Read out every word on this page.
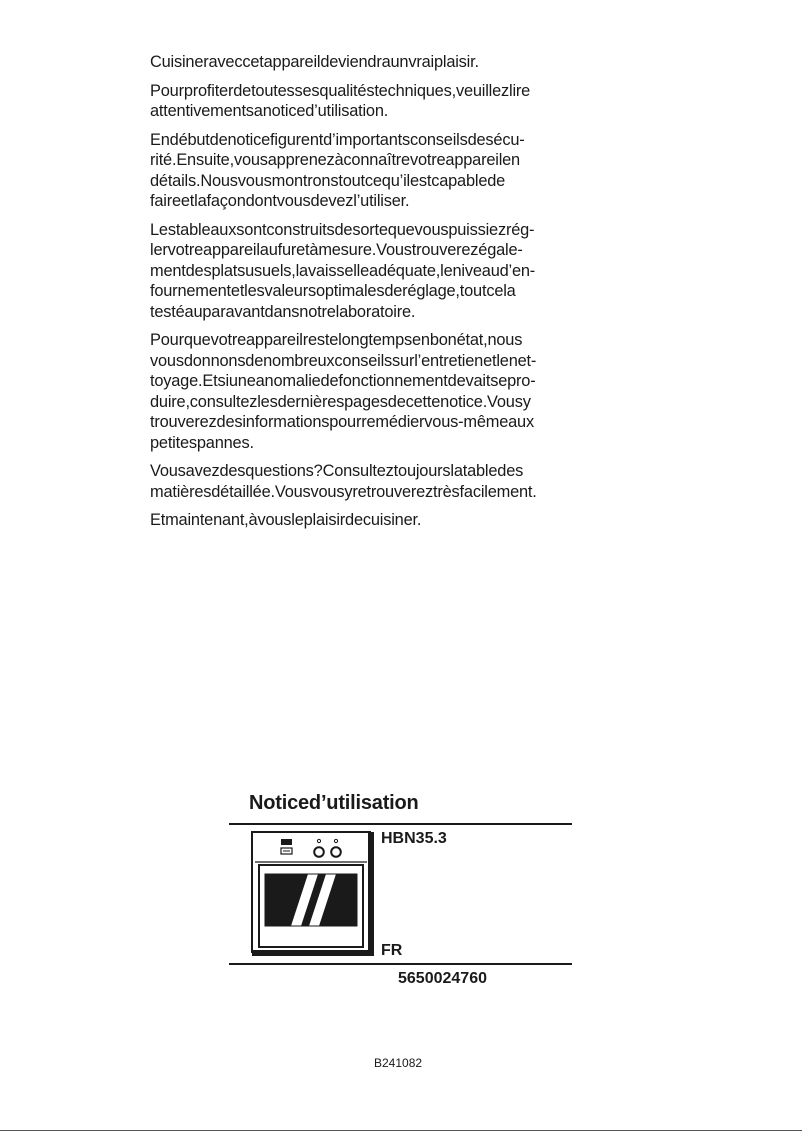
Cuisineraveccetappareildeviendraunvraiplaisir.

Pourprofiterdetoutessesqualitéstechniques,veuillezlire
attentivementsanoticed’utilisation.

Endébutdenoticefigurentd’importantsconseilsdesécu-
rité.Ensuite,vousapprenezàconnaîtrevotreappareilen
détails.Nousvousmontronstoutcequ’ilestcapablede
faireetlafaçondontvousdevezl’utiliser.

Lestableauxsontconstruitsdesortequevouspuissiezrég-
lervotreappareilaufuretàmesure.Voustrouverezégale-
mentdesplatsusuels,lavaisselleadéquate,leniveaud’en-
fournementetlesvaleursoptimalesderéglage,toutcela
testéauparavantdansnotrelaboratoire.

Pourquevotreappareilrestelongtempsenbonétat,nous
vousdonnonsdenombreuxconseilssurl’entretienetlenet-
toyage.Etsiuneanomaliedefonctionnementdevaitsepro-
duire,consultezlesdernièrespagesdecettenotice.Vousy
trouverezdesinformationspourremédiervous-mêmeaux
petitespannes.

Vousavezdesquestions?Consulteztoujourslatabledes
matièresdétaillée.Vousvousyretrouvereztrèsfacilement.

Etmaintenant,àvousleplaisirdecuisiner.

Noticed’utilisation
HBN35.3
FR
5650024760
B241082
